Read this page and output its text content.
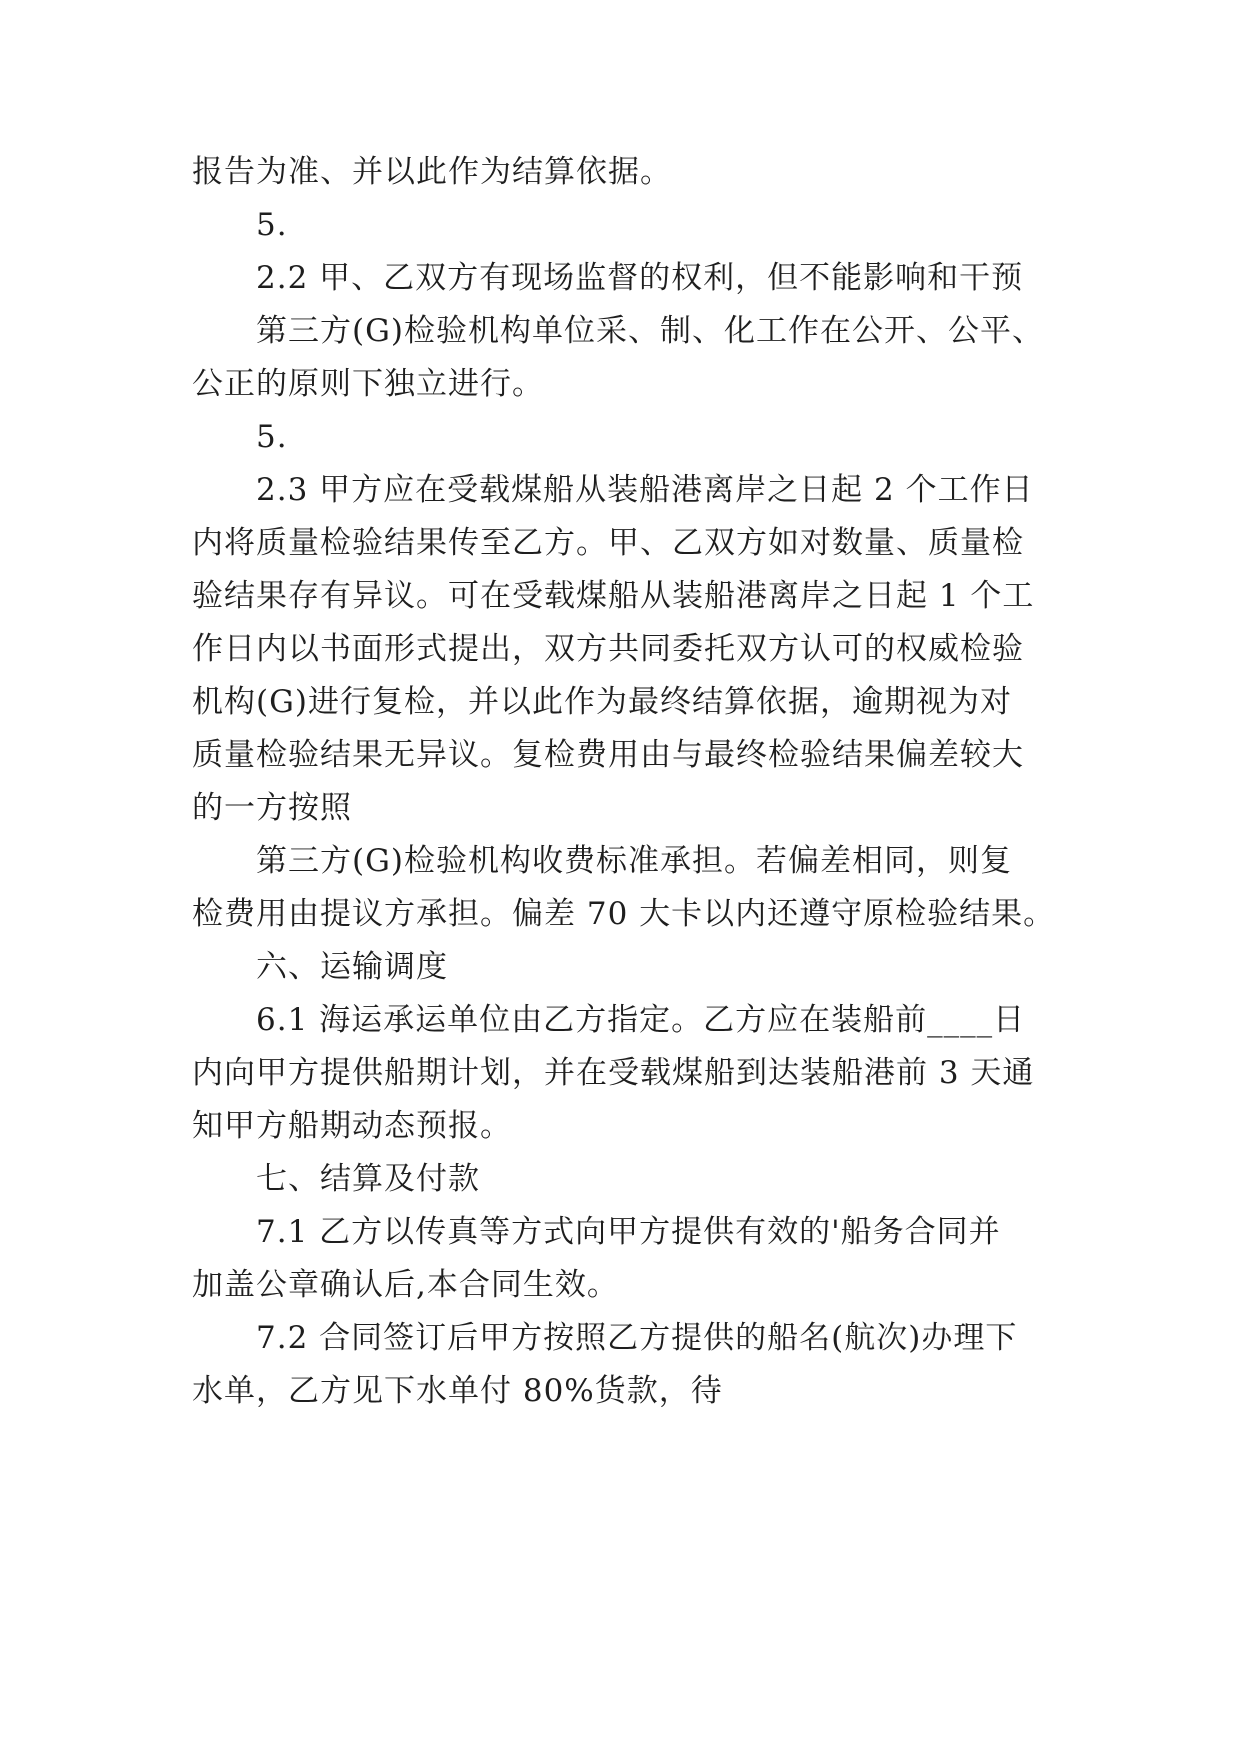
报告为准、并以此作为结算依据。
5.
2.2 甲、乙双方有现场监督的权利，但不能影响和干预
第三方(G)检验机构单位采、制、化工作在公开、公平、
公正的原则下独立进行。
5.
2.3 甲方应在受载煤船从装船港离岸之日起 2 个工作日
内将质量检验结果传至乙方。甲、乙双方如对数量、质量检
验结果存有异议。可在受载煤船从装船港离岸之日起 1 个工
作日内以书面形式提出，双方共同委托双方认可的权威检验
机构(G)进行复检，并以此作为最终结算依据，逾期视为对
质量检验结果无异议。复检费用由与最终检验结果偏差较大
的一方按照
第三方(G)检验机构收费标准承担。若偏差相同，则复
检费用由提议方承担。偏差 70 大卡以内还遵守原检验结果。
六、运输调度
6.1 海运承运单位由乙方指定。乙方应在装船前____日
内向甲方提供船期计划，并在受载煤船到达装船港前 3 天通
知甲方船期动态预报。
七、结算及付款
7.1 乙方以传真等方式向甲方提供有效的'船务合同并
加盖公章确认后,本合同生效。
7.2 合同签订后甲方按照乙方提供的船名(航次)办理下
水单，乙方见下水单付 80%货款，待
